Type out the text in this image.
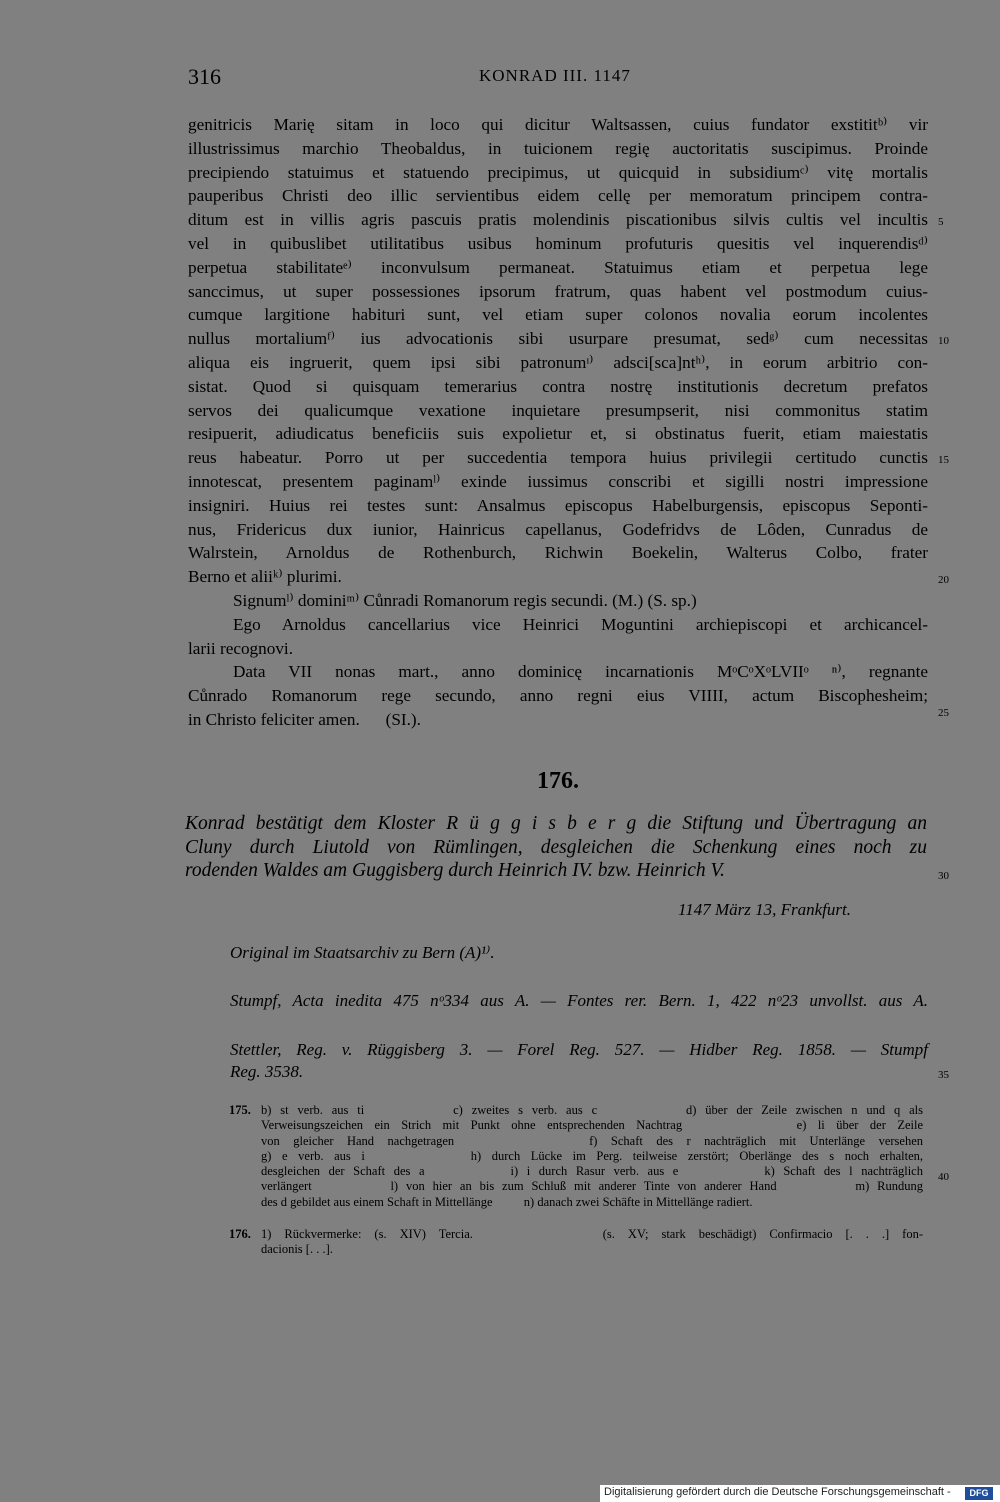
316	KONRAD III. 1147
genitricis Marię sitam in loco qui dicitur Waltsassen, cuius fundator exstititᵇ⁾ vir
illustrissimus marchio Theobaldus, in tuicionem regię auctoritatis suscipimus. Proinde
precipiendo statuimus et statuendo precipimus, ut quicquid in subsidiumᶜ⁾ vitę mortalis
pauperibus Christi deo illic servientibus eidem cellę per memoratum principem contra-
ditum est in villis agris pascuis pratis molendinis piscationibus silvis cultis vel incultis
vel in quibuslibet utilitatibus usibus hominum profuturis quesitis vel inquerendisᵈ⁾
perpetua stabilitateᵉ⁾ inconvulsum permaneat. Statuimus etiam et perpetua lege
sanccimus, ut super possessiones ipsorum fratrum, quas habent vel postmodum cuius-
cumque largitione habituri sunt, vel etiam super colonos novalia eorum incolentes
nullus mortaliumᶠ⁾ ius advocationis sibi usurpare presumat, sedᵍ⁾ cum necessitas
aliqua eis ingruerit, quem ipsi sibi patronumᶦ⁾ adsci[sca]ntʰ⁾, in eorum arbitrio con-
sistat. Quod si quisquam temerarius contra nostrę institutionis decretum prefatos
servos dei qualicumque vexatione inquietare presumpserit, nisi commonitus statim
resipuerit, adiudicatus beneficiis suis expolietur et, si obstinatus fuerit, etiam maiestatis
reus habeatur. Porro ut per succedentia tempora huius privilegii certitudo cunctis
innotescat, presentem paginamˡ⁾ exinde iussimus conscribi et sigilli nostri impressione
insigniri. Huius rei testes sunt: Ansalmus episcopus Habelburgensis, episcopus Seponti-
nus, Fridericus dux iunior, Hainricus capellanus, Godefridvs de Lôden, Cunradus de
Walrstein, Arnoldus de Rothenburch, Richwin Boekelin, Walterus Colbo, frater
Berno et aliiᵏ⁾ plurimi.
Signumˡ⁾ dominiᵐ⁾ Cůnradi Romanorum regis secundi. (M.) (S. sp.)
Ego Arnoldus cancellarius vice Heinrici Moguntini archiepiscopi et archicancel-
larii recognovi.
Data VII nonas mart., anno dominicę incarnationis MᵒCᵒXᵒLVIIᵒ ⁿ⁾, regnante
Cůnrado Romanorum rege secundo, anno regni eius VIIII, actum Biscophesheim;
in Christo feliciter amen.      (SI.).
5
10
15
20
25
30
35
40
176.
Konrad bestätigt dem Kloster R ü g g i s b e r g die Stiftung und Übertragung an
Cluny durch Liutold von Rümlingen, desgleichen die Schenkung eines noch zu
rodenden Waldes am Guggisberg durch Heinrich IV. bzw. Heinrich V.
1147 März 13, Frankfurt.
Original im Staatsarchiv zu Bern (A)¹⁾.
Stumpf, Acta inedita 475 nᵒ334 aus A. — Fontes rer. Bern. 1, 422 nᵒ23 unvollst. aus A.
Stettler, Reg. v. Rüggisberg 3. — Forel Reg. 527. — Hidber Reg. 1858. — Stumpf
Reg. 3538.
175. b) st verb. aus ti          c) zweites s verb. aus c          d) über der Zeile zwischen n und q als
Verweisungszeichen ein Strich mit Punkt ohne entsprechenden Nachtrag          e) li über der Zeile
von gleicher Hand nachgetragen          f) Schaft des r nachträglich mit Unterlänge versehen
g) e verb. aus i          h) durch Lücke im Perg. teilweise zerstört; Oberlänge des s noch erhalten,
desgleichen der Schaft des a          i) i durch Rasur verb. aus e          k) Schaft des l nachträglich
verlängert          l) von hier an bis zum Schluß mit anderer Tinte von anderer Hand          m) Rundung
des d gebildet aus einem Schaft in Mittellänge          n) danach zwei Schäfte in Mittellänge radiert.
176. 1) Rückvermerke: (s. XIV) Tercia.          (s. XV; stark beschädigt) Confirmacio [. . .] fon-
dacionis [. . .].
Digitalisierung gefördert durch die Deutsche Forschungsgemeinschaft -	DFG
